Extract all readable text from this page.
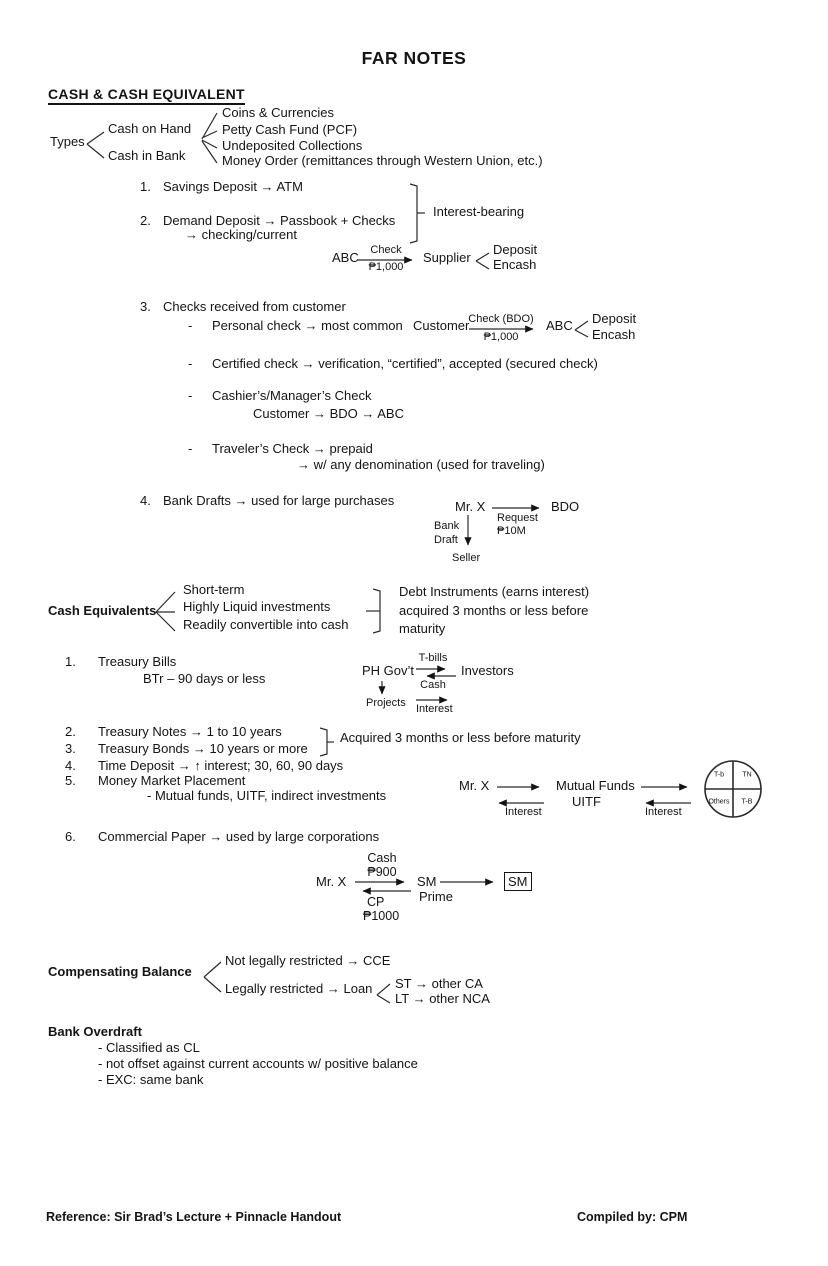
FAR NOTES
CASH & CASH EQUIVALENT
Types
Cash on Hand
Cash in Bank
Coins & Currencies
Petty Cash Fund (PCF)
Undeposited Collections
Money Order (remittances through Western Union, etc.)
1. Savings Deposit → ATM
2. Demand Deposit → Passbook + Checks
→ checking/current
Interest-bearing
ABC	Check
₱1,000
Supplier
Deposit
Encash
3. Checks received from customer
- Personal check → most common Customer
Check (BDO)
₱1,000
ABC Deposit
Encash
- Certified check → verification, “certified”, accepted (secured check)
- Cashier’s/Manager’s Check
Customer → BDO → ABC
- Traveler’s Check → prepaid
→ w/ any denomination (used for traveling)
4. Bank Drafts → used for large purchases	Mr. X	BDO
Request
₱10M
Bank
Draft
Seller
Cash Equivalents
Short-term
Highly Liquid investments
Readily convertible into cash
Debt Instruments (earns interest)
acquired 3 months or less before
maturity
1. Treasury Bills
BTr – 90 days or less
T-bills
PH Gov’t	Investors
Cash
Projects Interest
2. Treasury Notes → 1 to 10 years
3. Treasury Bonds → 10 years or more
Acquired 3 months or less before maturity
4. Time Deposit → ↑ interest; 30, 60, 90 days
5. Money Market Placement
- Mutual funds, UITF, indirect investments
Mr. X	Mutual Funds
UITF
Interest	Interest
T-b	TN
Others T-B
6. Commercial Paper → used by large corporations
Cash
₱900
Mr. X	SM
Prime
CP
₱1000
SM
Compensating Balance
Not legally restricted → CCE
Legally restricted → Loan ST → other CA
LT → other NCA
Bank Overdraft
- Classified as CL
- not offset against current accounts w/ positive balance
- EXC: same bank
Reference: Sir Brad’s Lecture + Pinnacle Handout	Compiled by: CPM
